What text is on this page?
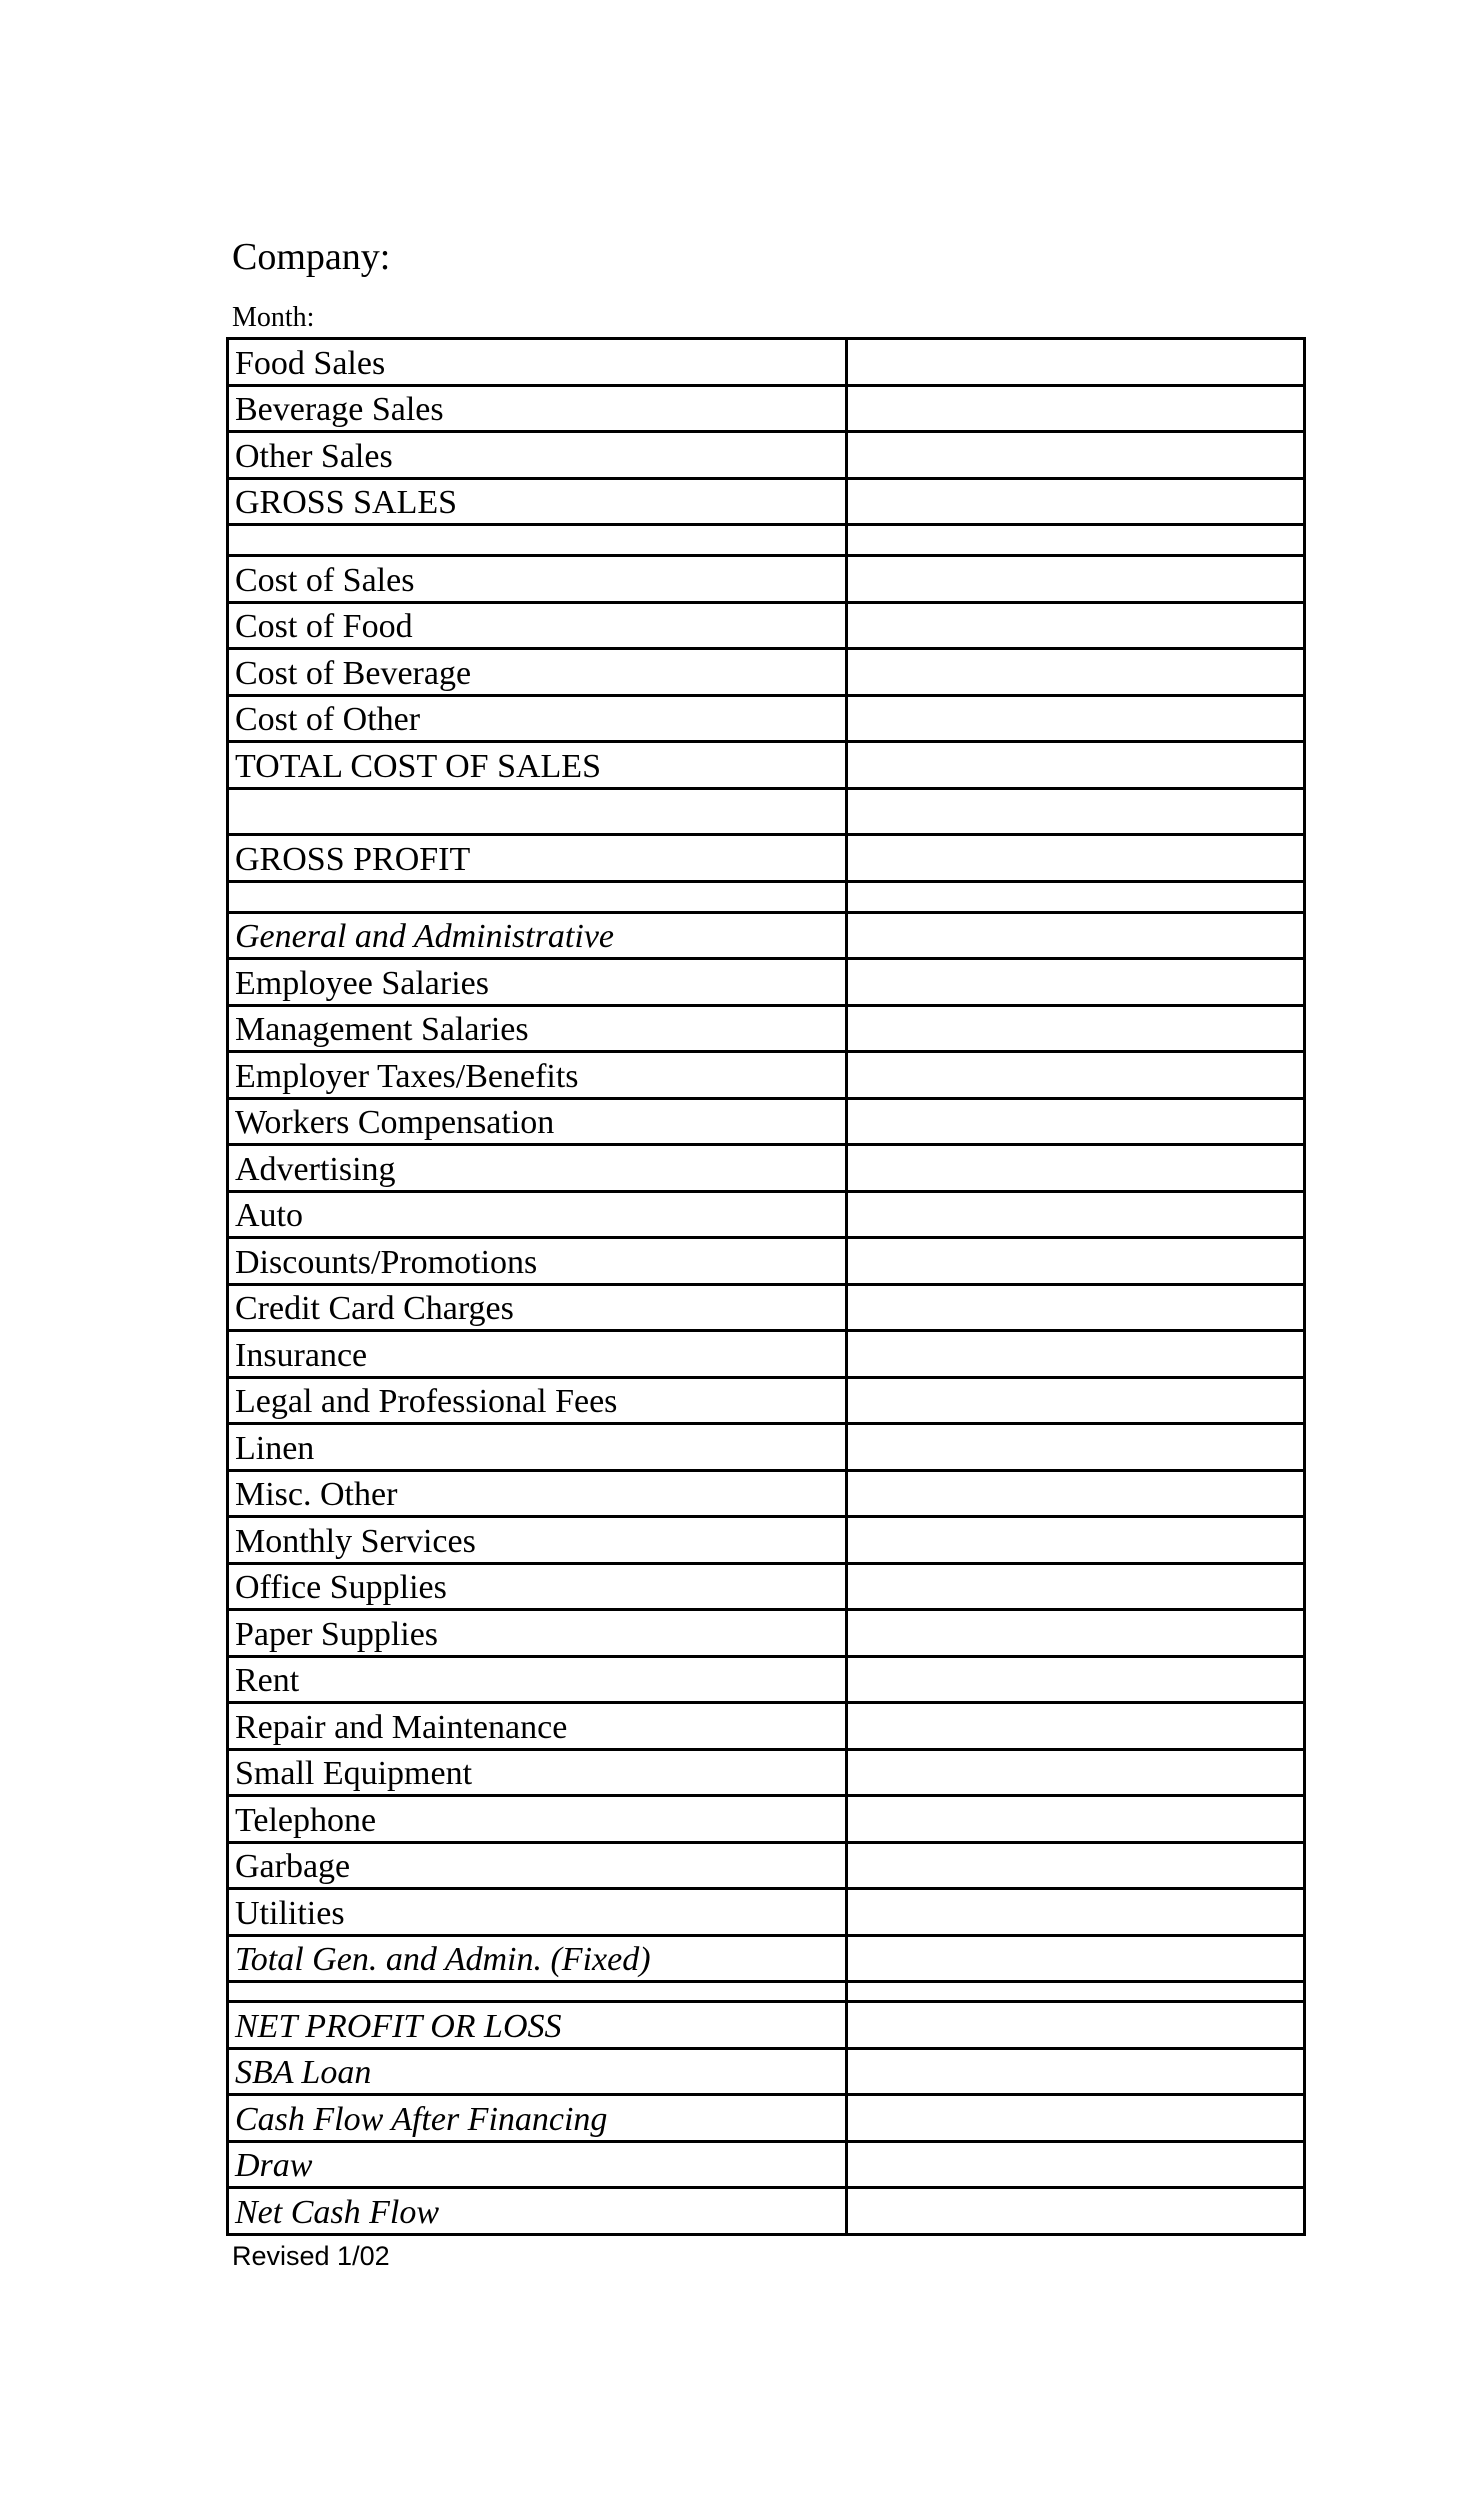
Company:
Month:
Food Sales	
Beverage Sales	
Other Sales	
GROSS SALES	

Cost of Sales	
Cost of Food	
Cost of Beverage	
Cost of Other	
TOTAL COST OF SALES	

GROSS PROFIT	

General and Administrative	
Employee Salaries	
Management Salaries	
Employer Taxes/Benefits	
Workers Compensation	
Advertising	
Auto	
Discounts/Promotions	
Credit Card Charges	
Insurance	
Legal and Professional Fees	
Linen	
Misc. Other	
Monthly Services	
Office Supplies	
Paper Supplies	
Rent	
Repair and Maintenance	
Small Equipment	
Telephone	
Garbage	
Utilities	
Total Gen. and Admin. (Fixed)	

NET PROFIT OR LOSS	
SBA Loan	
Cash Flow After Financing	
Draw	
Net Cash Flow	
Revised 1/02
